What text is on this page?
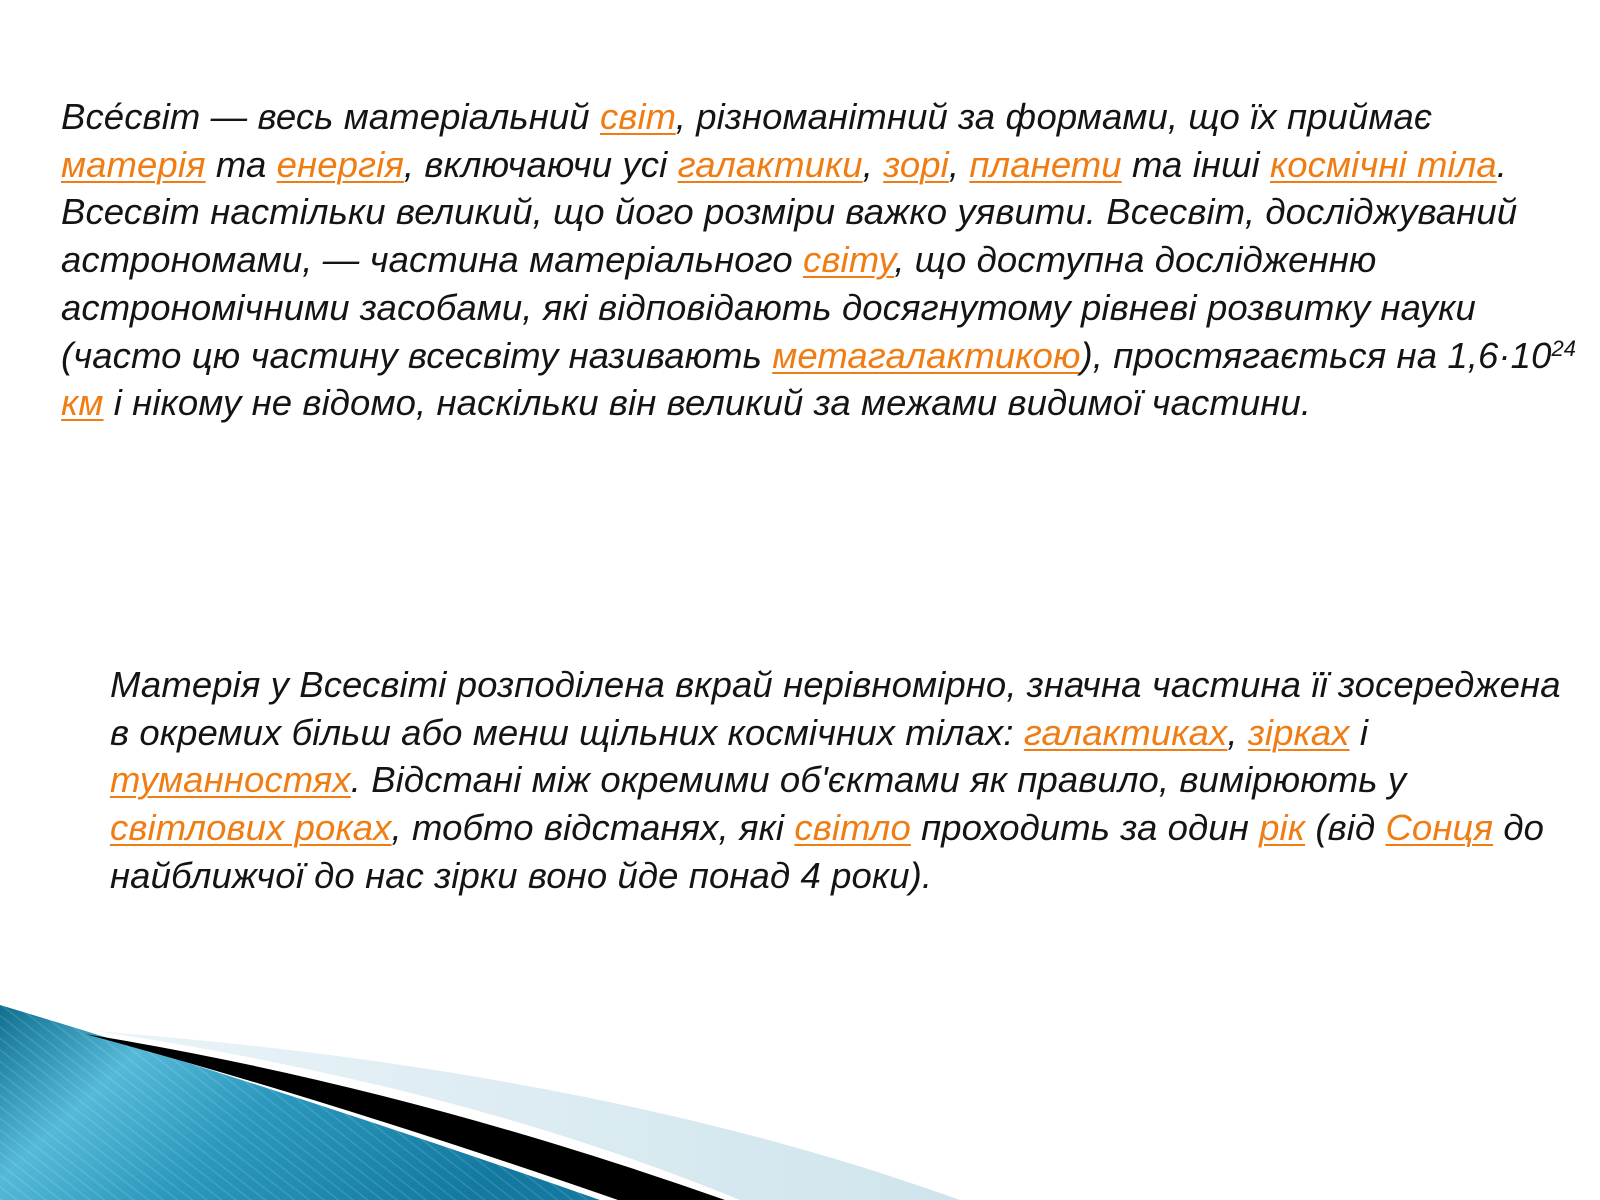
Все́світ — весь матеріальний світ, різноманітний за формами, що їх приймає матерія та енергія, включаючи усі галактики, зорі, планети та інші космічні тіла. Всесвіт настільки великий, що його розміри важко уявити. Всесвіт, досліджуваний астрономами, — частина матеріального світу, що доступна дослідженню астрономічними засобами, які відповідають досягнутому рівневі розвитку науки (часто цю частину всесвіту називають метагалактикою), простягається на $1,6\cdot 10^{24}$ км і нікому не відомо, наскільки він великий за межами видимої частини.

Матерія у Всесвіті розподілена вкрай нерівномірно, значна частина її зосереджена в окремих більш або менш щільних космічних тілах: галактиках, зірках і туманностях. Відстані між окремими об'єктами як правило, вимірюють у світлових роках, тобто відстанях, які світло проходить за один рік (від Сонця до найближчої до нас зірки воно йде понад 4 роки).
